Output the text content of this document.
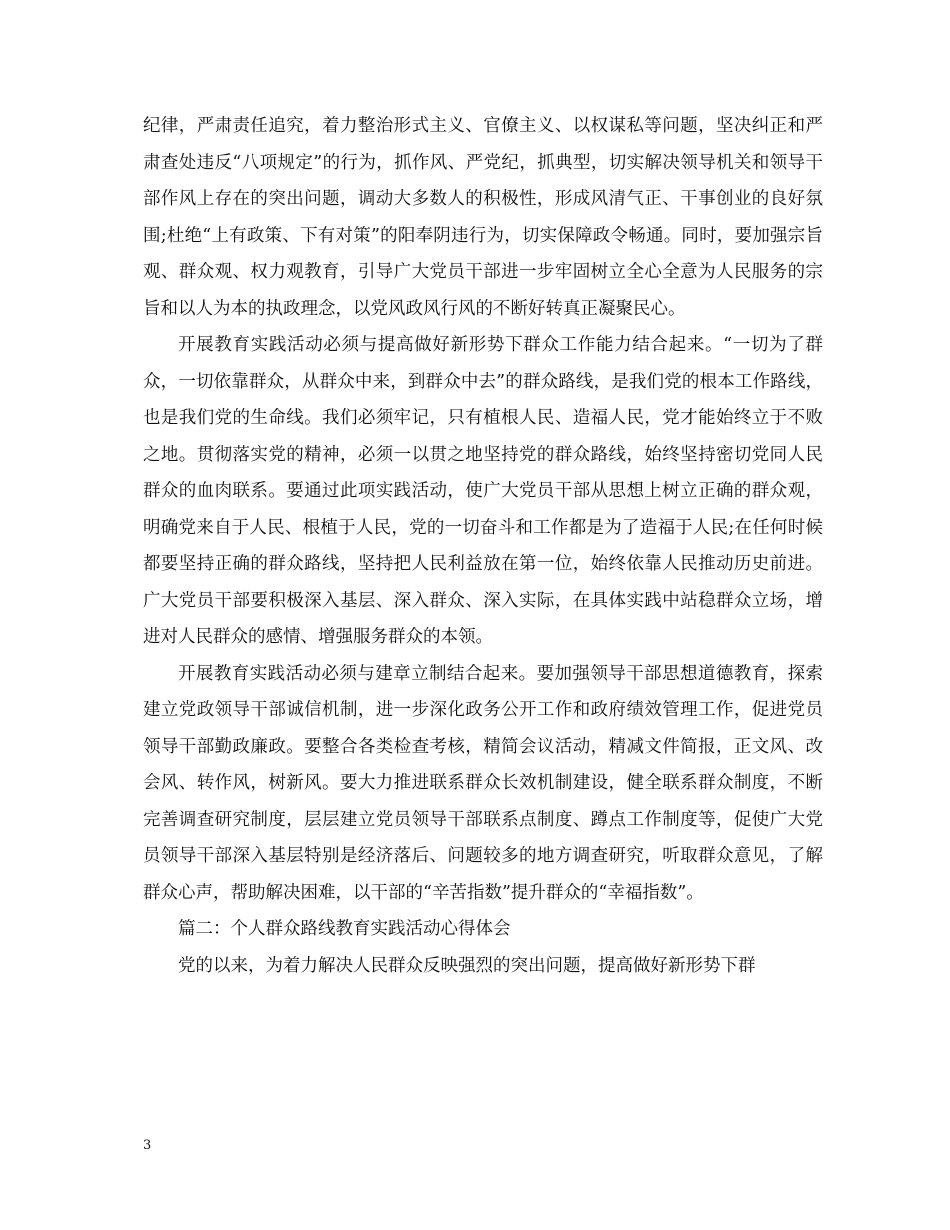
纪律，严肃责任追究，着力整治形式主义、官僚主义、以权谋私等问题，坚决纠正和严肃查处违反“八项规定”的行为，抓作风、严党纪，抓典型，切实解决领导机关和领导干部作风上存在的突出问题，调动大多数人的积极性，形成风清气正、干事创业的良好氛围;杜绝“上有政策、下有对策”的阳奉阴违行为，切实保障政令畅通。同时，要加强宗旨观、群众观、权力观教育，引导广大党员干部进一步牢固树立全心全意为人民服务的宗旨和以人为本的执政理念，以党风政风行风的不断好转真正凝聚民心。

开展教育实践活动必须与提高做好新形势下群众工作能力结合起来。“一切为了群众，一切依靠群众，从群众中来，到群众中去”的群众路线，是我们党的根本工作路线，也是我们党的生命线。我们必须牢记，只有植根人民、造福人民，党才能始终立于不败之地。贯彻落实党的精神，必须一以贯之地坚持党的群众路线，始终坚持密切党同人民群众的血肉联系。要通过此项实践活动，使广大党员干部从思想上树立正确的群众观，明确党来自于人民、根植于人民，党的一切奋斗和工作都是为了造福于人民;在任何时候都要坚持正确的群众路线，坚持把人民利益放在第一位，始终依靠人民推动历史前进。广大党员干部要积极深入基层、深入群众、深入实际，在具体实践中站稳群众立场，增进对人民群众的感情、增强服务群众的本领。

开展教育实践活动必须与建章立制结合起来。要加强领导干部思想道德教育，探索建立党政领导干部诚信机制，进一步深化政务公开工作和政府绩效管理工作，促进党员领导干部勤政廉政。要整合各类检查考核，精简会议活动，精减文件简报，正文风、改会风、转作风，树新风。要大力推进联系群众长效机制建设，健全联系群众制度，不断完善调查研究制度，层层建立党员领导干部联系点制度、蹲点工作制度等，促使广大党员领导干部深入基层特别是经济落后、问题较多的地方调查研究，听取群众意见，了解群众心声，帮助解决困难，以干部的“辛苦指数”提升群众的“幸福指数”。

篇二：个人群众路线教育实践活动心得体会

党的以来，为着力解决人民群众反映强烈的突出问题，提高做好新形势下群

3
